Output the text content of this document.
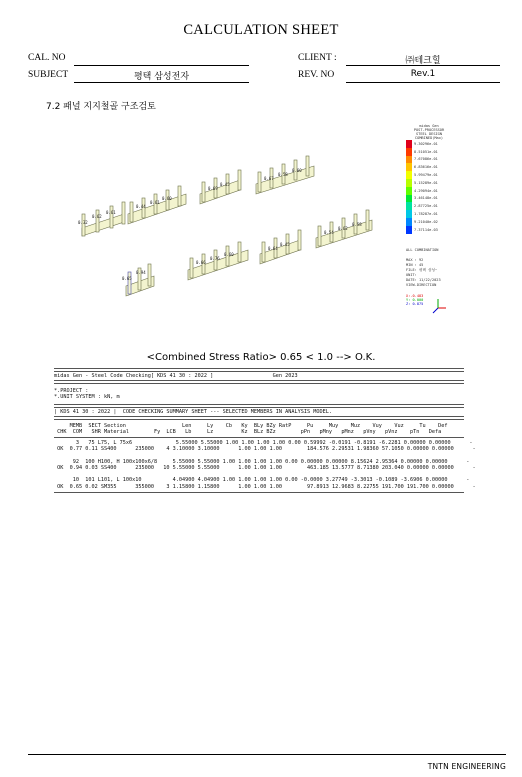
CALCULATION SHEET
CAL. NO	CLIENT :	㈜테크힐
SUBJECT	평택 삼성전자	REV. NO	Rev.1
7.2 패널 지지철골 구조검토
0.32
0.62
0.61
0.44
0.61
0.60
0.69
0.45
0.67
0.58
0.60
0.65
0.94
0.66
0.76
0.60
0.64
0.45
0.54
0.62
0.58
midas Gen
POST-PROCESSOR
STEEL DESIGN
COMBINED(Max)
9.30296e-01
8.51051e-01
7.67086e-01
6.83616e-01
5.99479e-01
5.15289e-01
4.29094e-01
3.46148e-01
2.87725e-01
1.78287e-01
9.21040e-02
7.37114e-03
ALL COMBINATION
MAX : 92
MIN : 45
FILE: 평택 삼성~
UNIT:
DATE: 11/22/2023
VIEW-DIRECTION
X:-0.483
Y: 0.000
Z: 0.875
<Combined Stress Ratio> 0.65 < 1.0 --> O.K.
midas Gen - Steel Code Checking[ KDS 41 30 : 2022 ]                   Gen 2023
*.PROJECT :
*.UNIT SYSTEM : kN, m
| KDS 41 30 : 2022 |  CODE CHECKING SUMMARY SHEET --- SELECTED MEMBERS IN ANALYSIS MODEL.
MEMB  SECT Section                  Len     Ly    Cb   Ky  BLy BZy RatP     Pu     Muy    Muz    Vuy    Vuz     Tu    Def
CHK  COM   SHR Material        Fy  LCB   Lb     Lz         Kz  BLz BZz        pPn   pMny   pMnz   pVny   pVnz    pTn   Defa
3   75 L75, L 75x6              5.55000 5.55000 1.00 1.00 1.00 1.00 0.00 0.59992 -0.0191 -0.8191 -6.2281 0.00000 0.00000      -
OK  0.77 0.11 SS400      235000    4 3.10000 3.10000      1.00 1.00 1.00        184.576 2.29531 1.98360 57.1050 0.00000 0.00000      -

92  100 H100, H 100x100x6/8     5.55000 5.55000 1.00 1.00 1.00 1.00 0.00 0.00000 0.00000 8.15624 2.95364 0.00000 0.00000      -
OK  0.94 0.03 SS400      235000   10 5.55000 5.55000      1.00 1.00 1.00        463.185 13.5777 8.71380 203.040 0.00000 0.00000      -

10  101 L101, L 100x10          4.04900 4.04900 1.00 1.00 1.00 1.00 0.00 -0.0000 3.27749 -3.3013 -0.1089 -3.6906 0.00000      -
OK  0.65 0.02 SM355      355000    3 1.15800 1.15800      1.00 1.00 1.00        97.8913 12.9683 8.22755 191.700 191.700 0.00000      -
TNTN ENGINEERING
